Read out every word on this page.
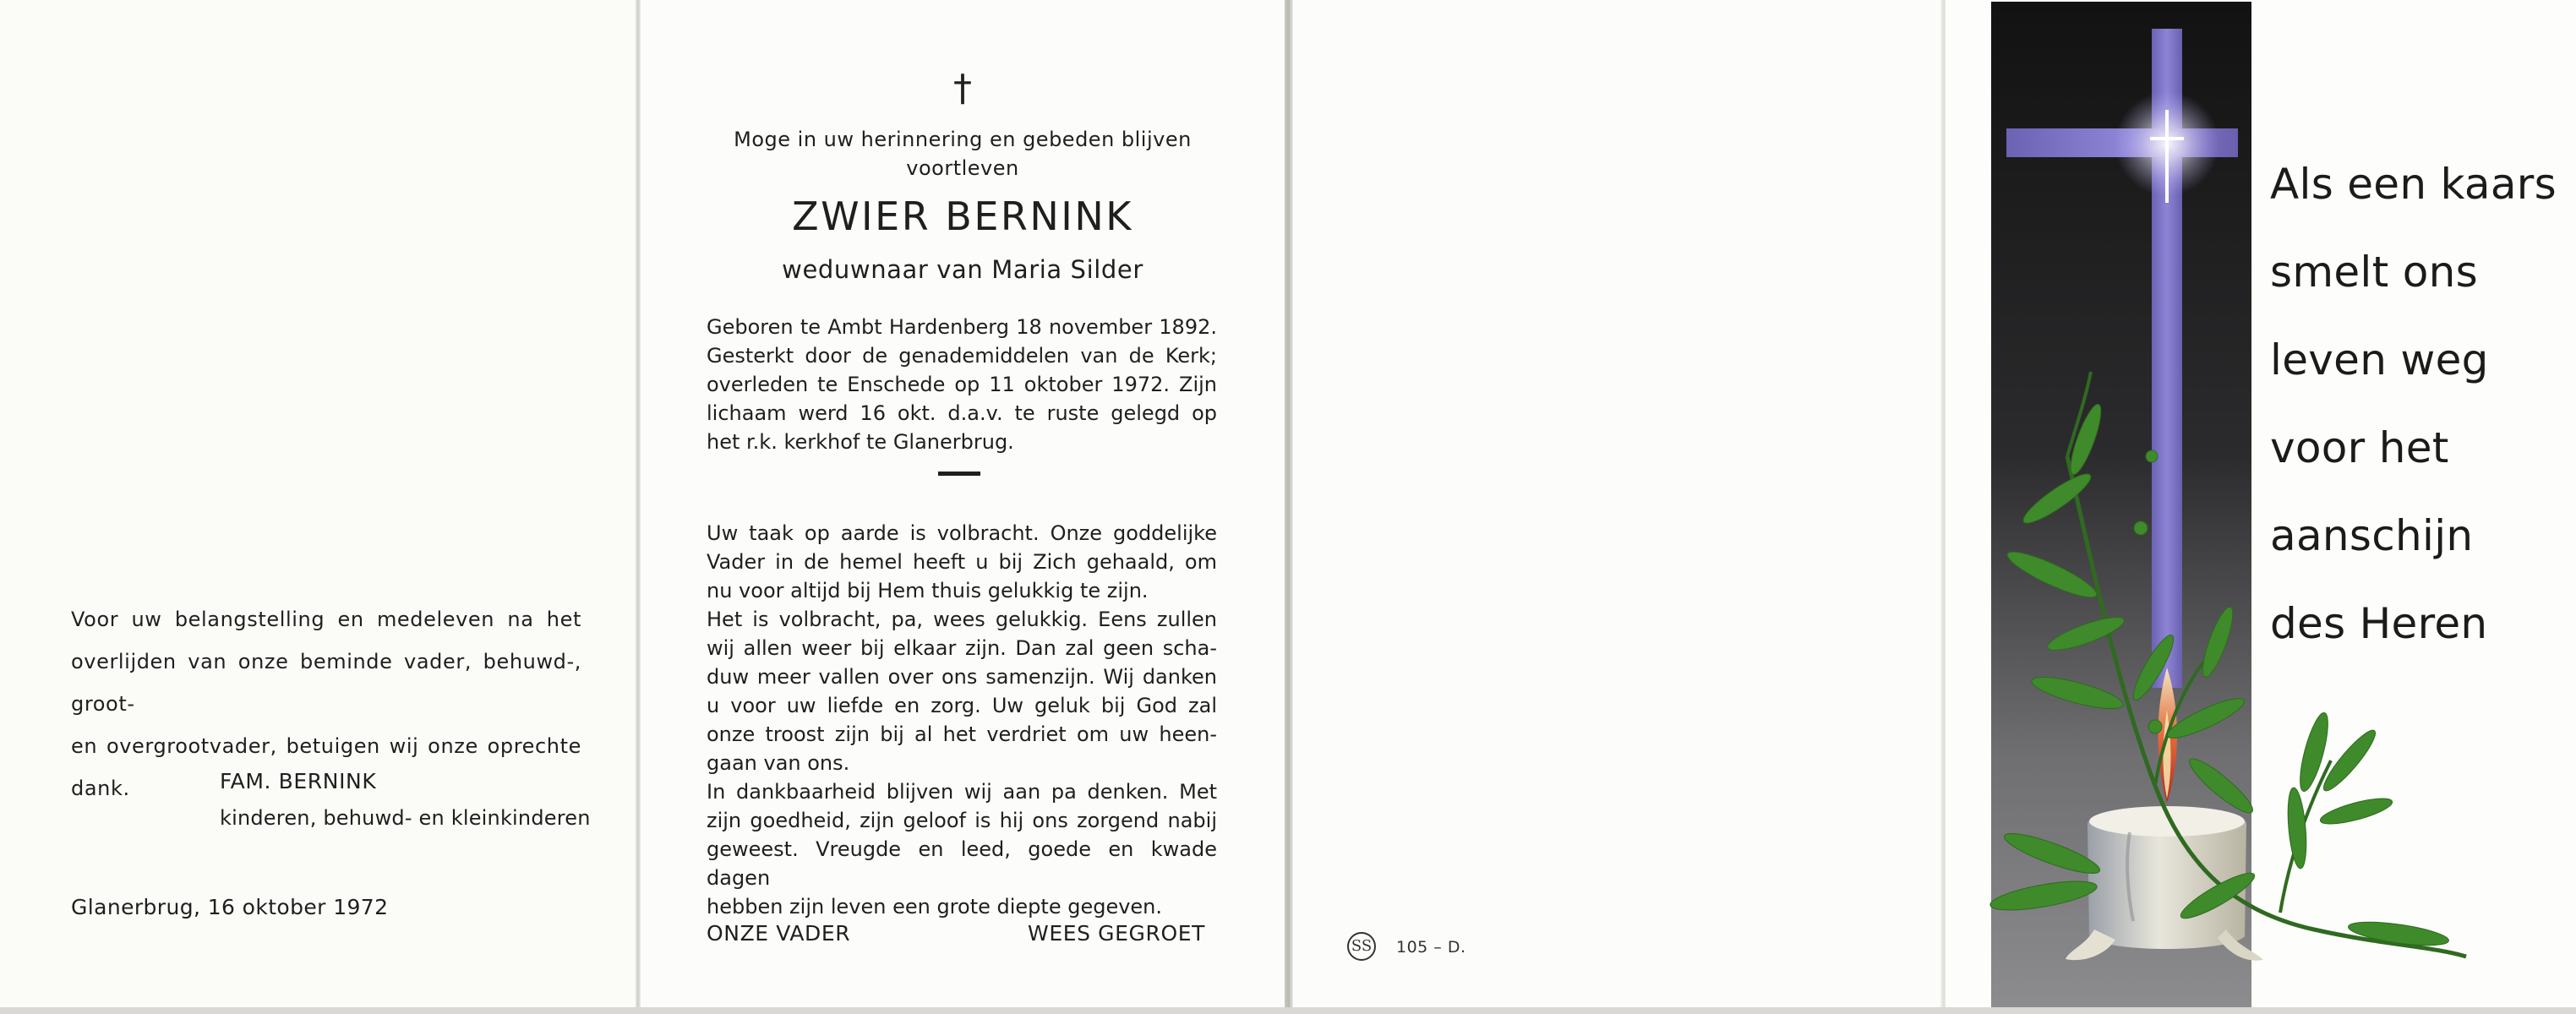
Voor uw belangstelling en medeleven na het
overlijden van onze beminde vader, behuwd-, groot-
en overgrootvader, betuigen wij onze oprechte
dank.	FAM. BERNINK
kinderen, behuwd- en kleinkinderen
Glanerbrug, 16 oktober 1972
†
Moge in uw herinnering en gebeden blijven
voortleven
ZWIER BERNINK
weduwnaar van Maria Silder
Geboren te Ambt Hardenberg 18 november 1892.
Gesterkt door de genademiddelen van de Kerk;
overleden te Enschede op 11 oktober 1972. Zijn
lichaam werd 16 okt. d.a.v. te ruste gelegd op
het r.k. kerkhof te Glanerbrug.
Uw taak op aarde is volbracht. Onze goddelijke
Vader in de hemel heeft u bij Zich gehaald, om
nu voor altijd bij Hem thuis gelukkig te zijn.
Het is volbracht, pa, wees gelukkig. Eens zullen
wij allen weer bij elkaar zijn. Dan zal geen scha-
duw meer vallen over ons samenzijn. Wij danken
u voor uw liefde en zorg. Uw geluk bij God zal
onze troost zijn bij al het verdriet om uw heen-
gaan van ons.
In dankbaarheid blijven wij aan pa denken. Met
zijn goedheid, zijn geloof is hij ons zorgend nabij
geweest. Vreugde en leed, goede en kwade dagen
hebben zijn leven een grote diepte gegeven.
ONZE VADER	WEES GEGROET
SS 105 – D.
Als een kaars
smelt ons
leven weg
voor het
aanschijn
des Heren
